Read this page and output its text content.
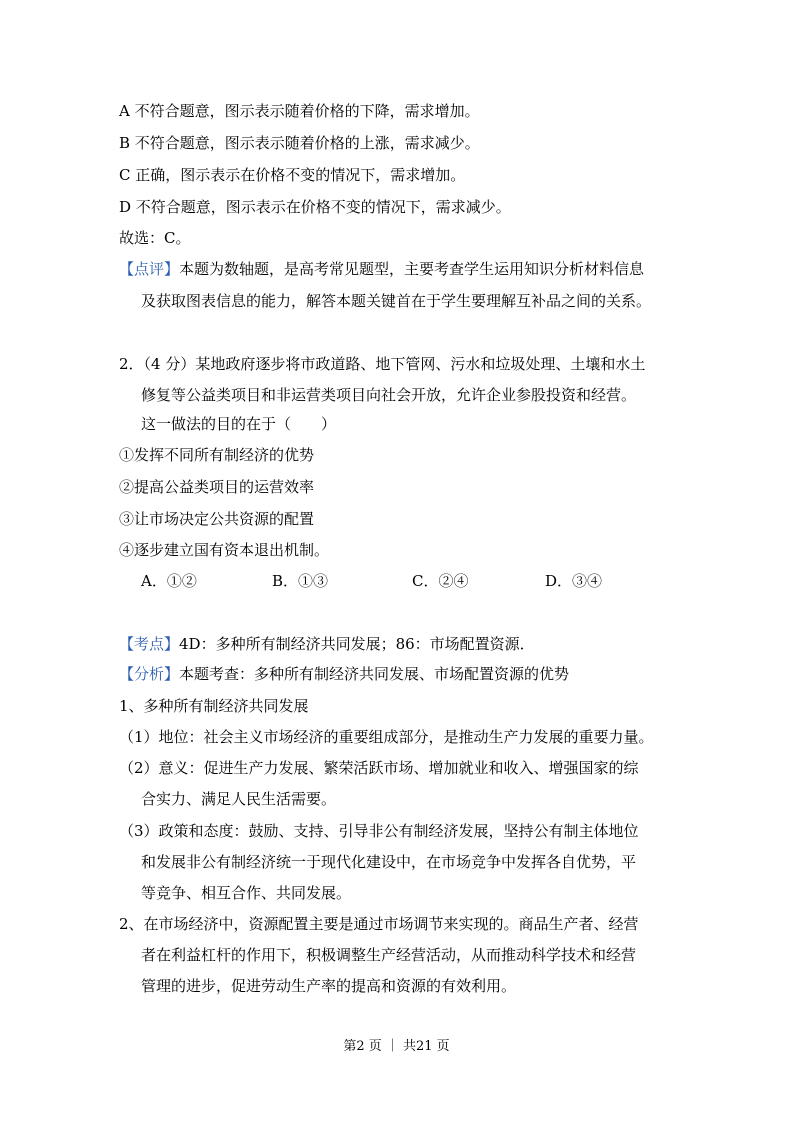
A 不符合题意，图示表示随着价格的下降，需求增加。
B 不符合题意，图示表示随着价格的上涨，需求减少。
C 正确，图示表示在价格不变的情况下，需求增加。
D 不符合题意，图示表示在价格不变的情况下，需求减少。
故选：C。
【点评】本题为数轴题，是高考常见题型，主要考查学生运用知识分析材料信息
及获取图表信息的能力，解答本题关键首在于学生要理解互补品之间的关系。
2．（4 分）某地政府逐步将市政道路、地下管网、污水和垃圾处理、土壤和水土
修复等公益类项目和非运营类项目向社会开放，允许企业参股投资和经营。
这一做法的目的在于（　　）
①发挥不同所有制经济的优势
②提高公益类项目的运营效率
③让市场决定公共资源的配置
④逐步建立国有资本退出机制。
A．①②	B．①③	C．②④	D．③④
【考点】4D：多种所有制经济共同发展；86：市场配置资源．
【分析】本题考查：多种所有制经济共同发展、市场配置资源的优势
1、多种所有制经济共同发展
（1）地位：社会主义市场经济的重要组成部分，是推动生产力发展的重要力量。
（2）意义：促进生产力发展、繁荣活跃市场、增加就业和收入、增强国家的综
合实力、满足人民生活需要。
（3）政策和态度：鼓励、支持、引导非公有制经济发展，坚持公有制主体地位
和发展非公有制经济统一于现代化建设中，在市场竞争中发挥各自优势，平
等竞争、相互合作、共同发展。
2、在市场经济中，资源配置主要是通过市场调节来实现的。商品生产者、经营
者在利益杠杆的作用下，积极调整生产经营活动，从而推动科学技术和经营
管理的进步，促进劳动生产率的提高和资源的有效利用。
第2 页 ｜ 共21 页
